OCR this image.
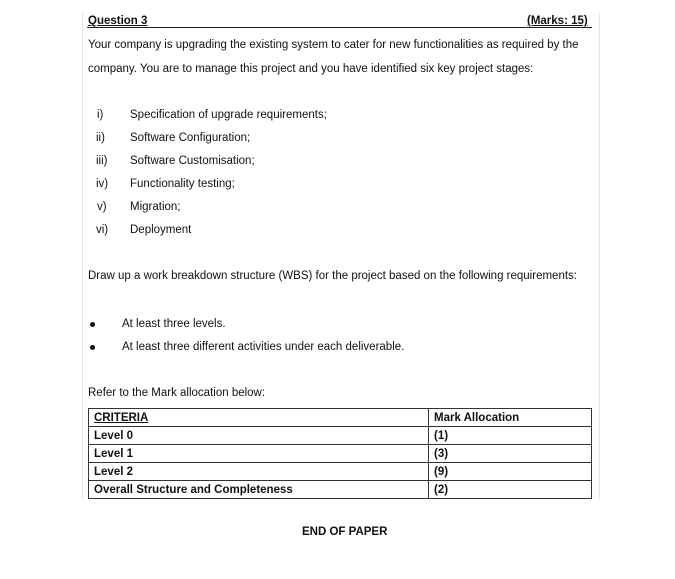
Question 3	(Marks: 15)
Your company is upgrading the existing system to cater for new functionalities as required by the
company. You are to manage this project and you have identified six key project stages:
i) Specification of upgrade requirements;
ii) Software Configuration;
iii) Software Customisation;
iv) Functionality testing;
v) Migration;
vi) Deployment
Draw up a work breakdown structure (WBS) for the project based on the following requirements:
At least three levels.
At least three different activities under each deliverable.
Refer to the Mark allocation below:
CRITERIA	Mark Allocation
Level 0	(1)
Level 1	(3)
Level 2	(9)
Overall Structure and Completeness	(2)
END OF PAPER
